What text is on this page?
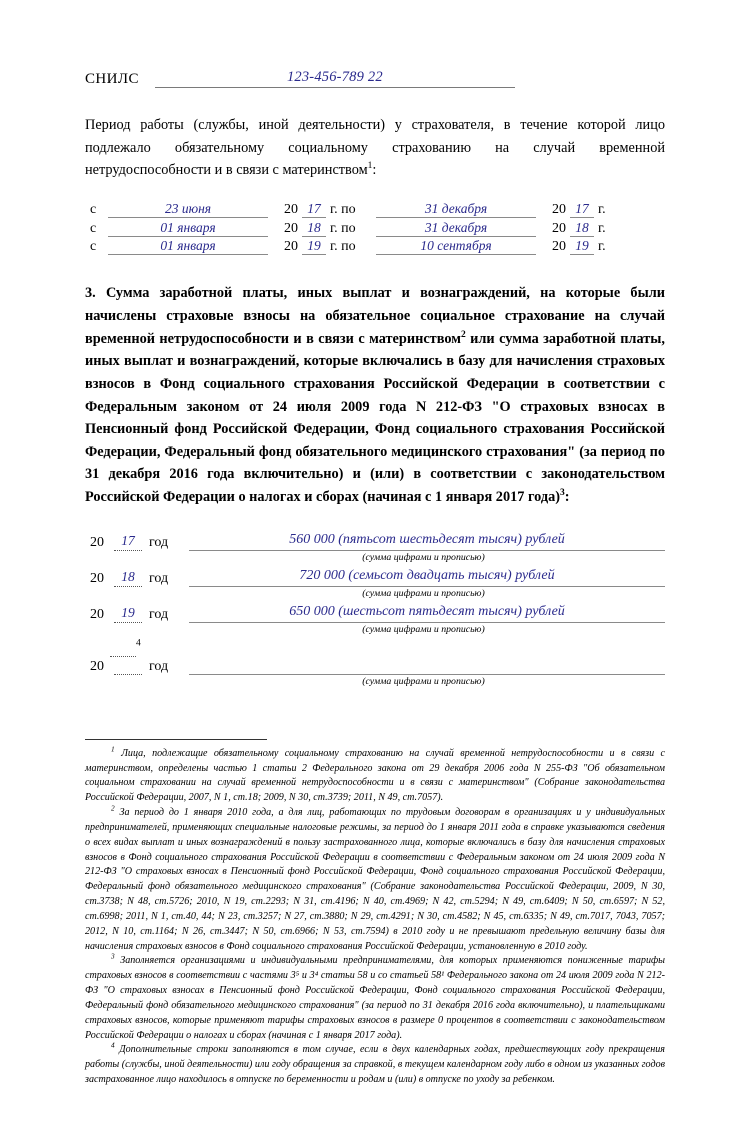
СНИЛС	123-456-789 22
Период работы (службы, иной деятельности) у страхователя, в течение которой лицо подлежало обязательному социальному страхованию на случай временной нетрудоспособности и в связи с материнством$^1$:
с	23 июня	20 17 г. по	31 декабря	20 17 г.
с	01 января	20 18 г. по	31 декабря	20 18 г.
с	01 января	20 19 г. по	10 сентября	20 19 г.
3. Сумма заработной платы, иных выплат и вознаграждений, на которые были начислены страховые взносы на обязательное социальное страхование на случай временной нетрудоспособности и в связи с материнством$^2$ или сумма заработной платы, иных выплат и вознаграждений, которые включались в базу для начисления страховых взносов в Фонд социального страхования Российской Федерации в соответствии с Федеральным законом от 24 июля 2009 года N 212-ФЗ "О страховых взносах в Пенсионный фонд Российской Федерации, Фонд социального страхования Российской Федерации, Федеральный фонд обязательного медицинского страхования" (за период по 31 декабря 2016 года включительно) и (или) в соответствии с законодательством Российской Федерации о налогах и сборах (начиная с 1 января 2017 года)$^3$:
20	17	год	560 000 (пятьсот шестьдесят тысяч) рублей
(сумма цифрами и прописью)
20	18	год	720 000 (семьсот двадцать тысяч) рублей
(сумма цифрами и прописью)
20	19	год	650 000 (шестьсот пятьдесят тысяч) рублей
(сумма цифрами и прописью)
$^4$
20	год
(сумма цифрами и прописью)

$^1$ Лица, подлежащие обязательному социальному страхованию на случай временной нетрудоспособности и в связи с материнством, определены частью 1 статьи 2 Федерального закона от 29 декабря 2006 года N 255-ФЗ "Об обязательном социальном страховании на случай временной нетрудоспособности и в связи с материнством" (Собрание законодательства Российской Федерации, 2007, N 1, ст.18; 2009, N 30, ст.3739; 2011, N 49, ст.7057).

$^2$ За период до 1 января 2010 года, а для лиц, работающих по трудовым договорам в организациях и у индивидуальных предпринимателей, применяющих специальные налоговые режимы, за период до 1 января 2011 года в справке указываются сведения о всех видах выплат и иных вознаграждений в пользу застрахованного лица, которые включались в базу для начисления страховых взносов в Фонд социального страхования Российской Федерации в соответствии с Федеральным законом от 24 июля 2009 года N 212-ФЗ "О страховых взносах в Пенсионный фонд Российской Федерации, Фонд социального страхования Российской Федерации, Федеральный фонд обязательного медицинского страхования" (Собрание законодательства Российской Федерации, 2009, N 30, ст.3738; N 48, ст.5726; 2010, N 19, ст.2293; N 31, ст.4196; N 40, ст.4969; N 42, ст.5294; N 49, ст.6409; N 50, ст.6597; N 52, ст.6998; 2011, N 1, ст.40, 44; N 23, ст.3257; N 27, ст.3880; N 29, ст.4291; N 30, ст.4582; N 45, ст.6335; N 49, ст.7017, 7043, 7057; 2012, N 10, ст.1164; N 26, ст.3447; N 50, ст.6966; N 53, ст.7594) в 2010 году и не превышают предельную величину базы для начисления страховых взносов в Фонд социального страхования Российской Федерации, установленную в 2010 году.

$^3$ Заполняется организациями и индивидуальными предпринимателями, для которых применяются пониженные тарифы страховых взносов в соответствии с частями 3⁵ и 3⁴ статьи 58 и со статьей 58¹ Федерального закона от 24 июля 2009 года N 212-ФЗ "О страховых взносах в Пенсионный фонд Российской Федерации, Фонд социального страхования Российской Федерации, Федеральный фонд обязательного медицинского страхования" (за период по 31 декабря 2016 года включительно), и плательщиками страховых взносов, которые применяют тарифы страховых взносов в размере 0 процентов в соответствии с законодательством Российской Федерации о налогах и сборах (начиная с 1 января 2017 года).

$^4$ Дополнительные строки заполняются в том случае, если в двух календарных годах, предшествующих году прекращения работы (службы, иной деятельности) или году обращения за справкой, в текущем календарном году либо в одном из указанных годов застрахованное лицо находилось в отпуске по беременности и родам и (или) в отпуске по уходу за ребенком.
